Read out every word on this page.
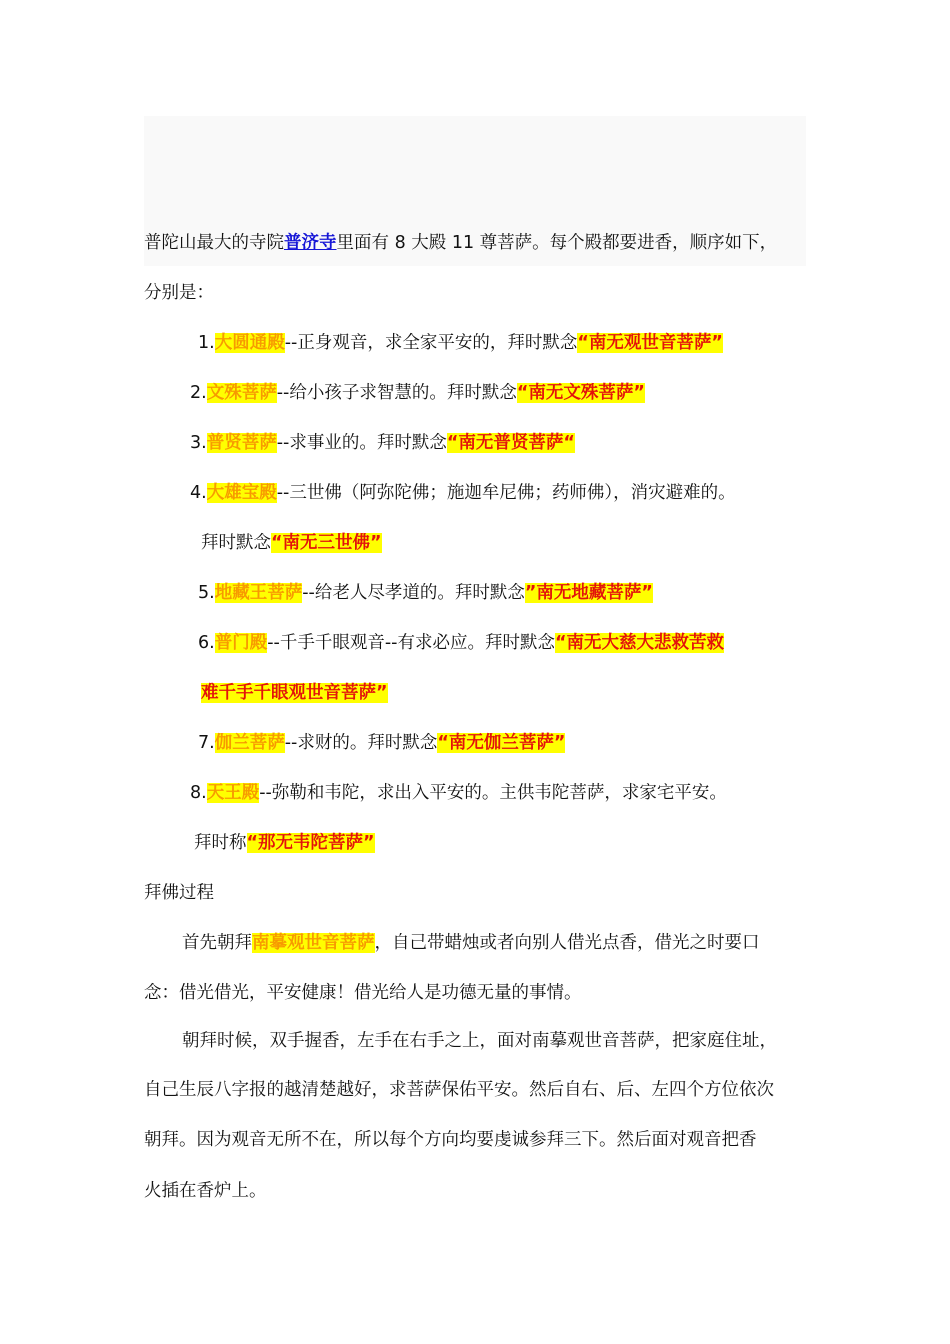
普陀山最大的寺院普济寺里面有 8 大殿 11 尊菩萨。每个殿都要进香，顺序如下，
分别是：
1.大圆通殿--正身观音，求全家平安的，拜时默念“南无观世音菩萨”
2.文殊菩萨--给小孩子求智慧的。拜时默念“南无文殊菩萨”
3.普贤菩萨--求事业的。拜时默念“南无普贤菩萨“
4.大雄宝殿--三世佛（阿弥陀佛；施迦牟尼佛；药师佛），消灾避难的。
拜时默念“南无三世佛”
5.地藏王菩萨--给老人尽孝道的。拜时默念”南无地藏菩萨”
6.普门殿--千手千眼观音--有求必应。拜时默念“南无大慈大悲救苦救
难千手千眼观世音菩萨”
7.伽兰菩萨--求财的。拜时默念“南无伽兰菩萨”
8.天王殿--弥勒和韦陀，求出入平安的。主供韦陀菩萨，求家宅平安。
拜时称“那无韦陀菩萨”
拜佛过程
首先朝拜南摹观世音菩萨，自己带蜡烛或者向别人借光点香，借光之时要口
念：借光借光，平安健康！借光给人是功德无量的事情。
朝拜时候，双手握香，左手在右手之上，面对南摹观世音菩萨，把家庭住址，
自己生辰八字报的越清楚越好，求菩萨保佑平安。然后自右、后、左四个方位依次
朝拜。因为观音无所不在，所以每个方向均要虔诚参拜三下。然后面对观音把香
火插在香炉上。
